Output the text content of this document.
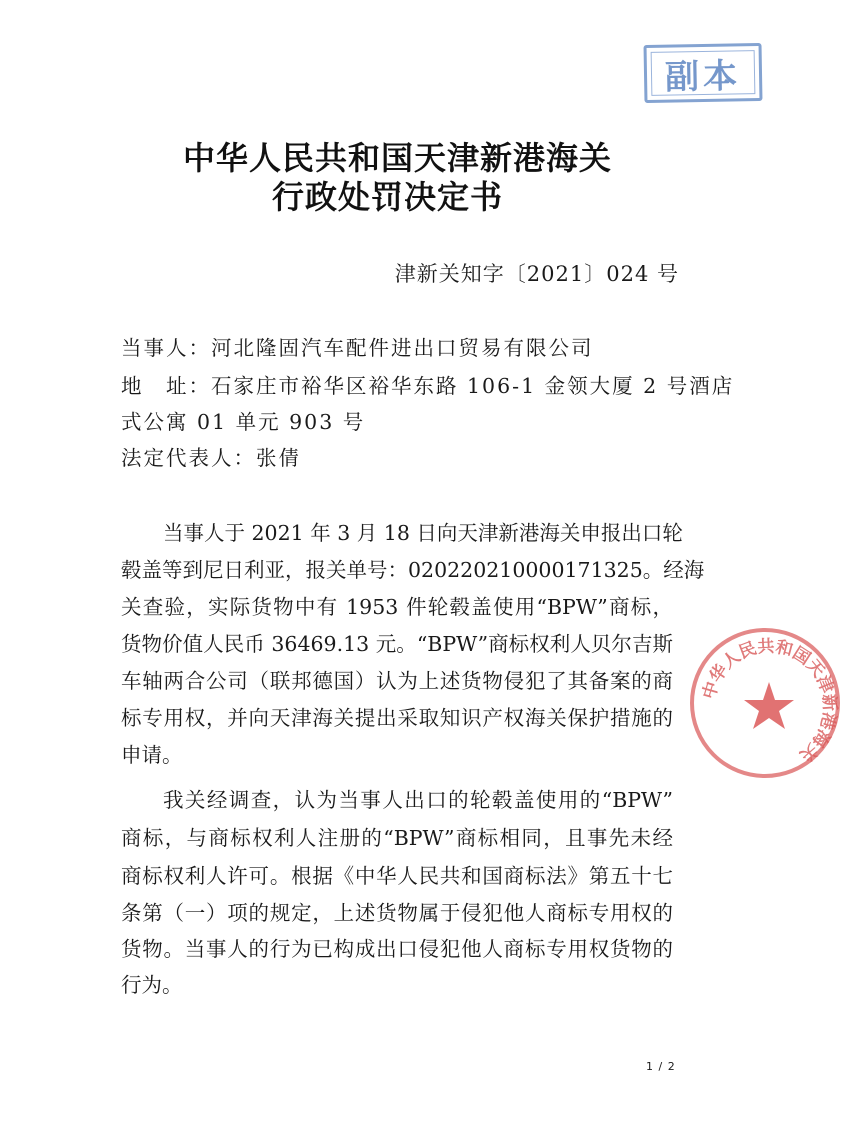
副本
中华人民共和国天津新港海关
行政处罚决定书
津新关知字〔2021〕024 号
当事人：河北隆固汽车配件进出口贸易有限公司
地　址：石家庄市裕华区裕华东路 106-1 金领大厦 2 号酒店
式公寓 01 单元 903 号
法定代表人：张倩
当事人于 2021 年 3 月 18 日向天津新港海关申报出口轮
毂盖等到尼日利亚，报关单号：020220210000171325。经海
关查验，实际货物中有 1953 件轮毂盖使用“BPW”商标，
货物价值人民币 36469.13 元。“BPW”商标权利人贝尔吉斯
车轴两合公司（联邦德国）认为上述货物侵犯了其备案的商
标专用权，并向天津海关提出采取知识产权海关保护措施的
申请。
我关经调查，认为当事人出口的轮毂盖使用的“BPW”
商标，与商标权利人注册的“BPW”商标相同，且事先未经
商标权利人许可。根据《中华人民共和国商标法》第五十七
条第（一）项的规定，上述货物属于侵犯他人商标专用权的
货物。当事人的行为已构成出口侵犯他人商标专用权货物的
行为。
中华人民共和国天津新港海关
1 / 2
